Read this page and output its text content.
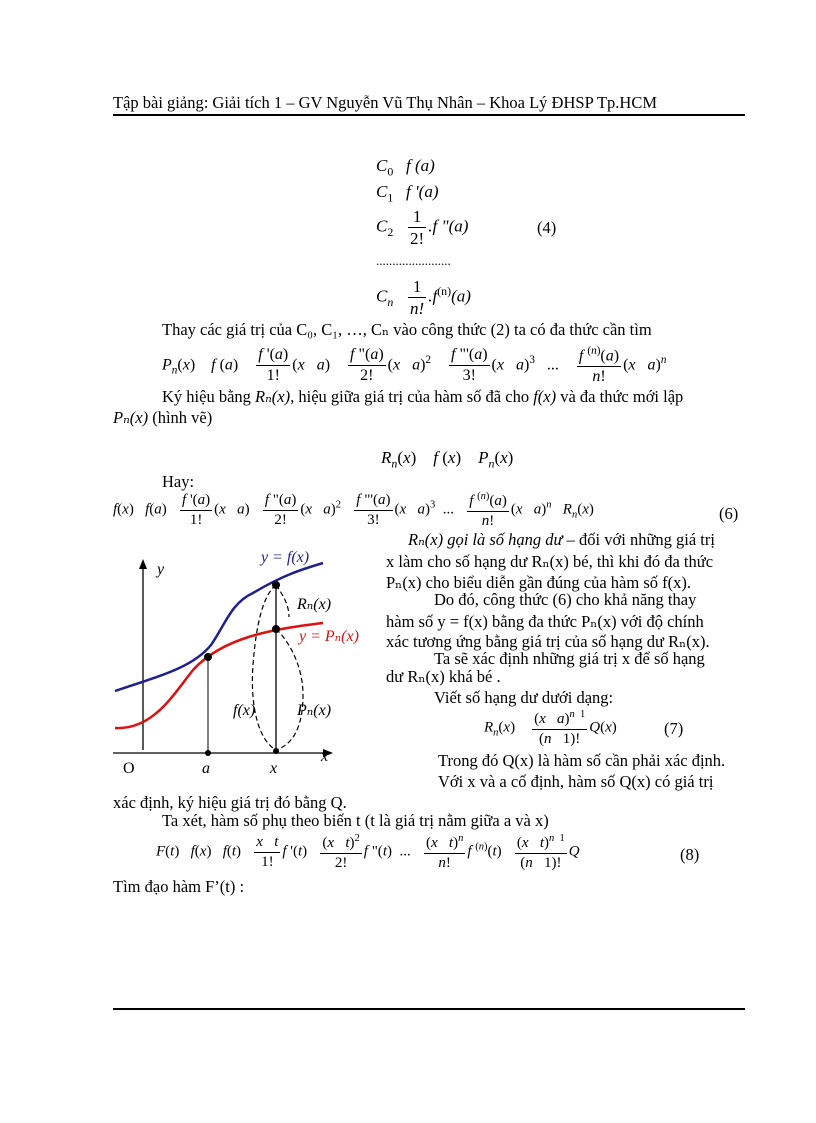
Tập bài giảng: Giải tích 1 – GV Nguyễn Vũ Thụ Nhân – Khoa Lý ĐHSP Tp.HCM
$C_0$ f (a)
$C_1$ f '(a)
$C_2 \frac{1}{2!} .f$ "(a)	(4)
.......................
$C_n \frac{1}{n!} .f^{(n)}(a)$
Thay các giá trị của C₀, C₁, …, Cₙ vào công thức (2) ta có đa thức cần tìm
$P_n(x)$    f $(a) \frac{f '(a)}{1!} (x$ $a) \frac{f "(a)}{2!} (x$ $a)^2 \frac{f "'(a)}{3!} (x$ a)$^3$   ... $\frac{f ^{(n)}(a)}{n!} (x$ a)$^n$
Ký hiệu bằng Rₙ(x), hiệu giữa giá trị của hàm số đã cho f(x) và đa thức mới lập
Pₙ(x) (hình vẽ)
$R_n(x)$    f (x)    $P_n(x)$
Hay:
f(x)   $f(a) \frac{f '(a)}{1!} (x$ $a) \frac{f "(a)}{2!} (x$ $a)^2 \frac{f "'(a)}{3!} (x$ a)$^3$  ... $\frac{f ^{(n)}(a)}{n!} (x$ a)$^n$ $R_n(x)$	(6)
y
x
O	a	x
y = f(x)
y = Pₙ(x)
Rₙ(x)
f(x)	Pₙ(x)
Rₙ(x) gọi là số hạng dư – đối với những giá trị
x làm cho số hạng dư Rₙ(x) bé, thì khi đó đa thức
Pₙ(x) cho biểu diễn gần đúng của hàm số f(x).
Do đó, công thức (6) cho khả năng thay
hàm số y = f(x) bằng đa thức Pₙ(x) với độ chính
xác tương ứng bằng giá trị của số hạng dư Rₙ(x).
Ta sẽ xác định những giá trị x để số hạng
dư Rₙ(x) khá bé .
Viết số hạng dư dưới dạng:
$R_n(x) \frac{(x a)^{n 1}}{(n 1)!} Q(x)$	(7)
Trong đó Q(x) là hàm số cần phải xác định.
Với x và a cố định, hàm số Q(x) có giá trị
xác định, ký hiệu giá trị đó bằng Q.
Ta xét, hàm số phụ theo biến t (t là giá trị nằm giữa a và x)
F(t)   f(x)   $f(t) \frac{\text{x t}}{1!}$ f '$(t) \frac{(x t)^2}{2!}$ f "(t)  ... $\frac{(x t)^n}{n!}$ f $^{(n)}(t) \frac{(x t)^{n 1}}{(n 1)!}$ Q	(8)
Tìm đạo hàm F’(t) :
